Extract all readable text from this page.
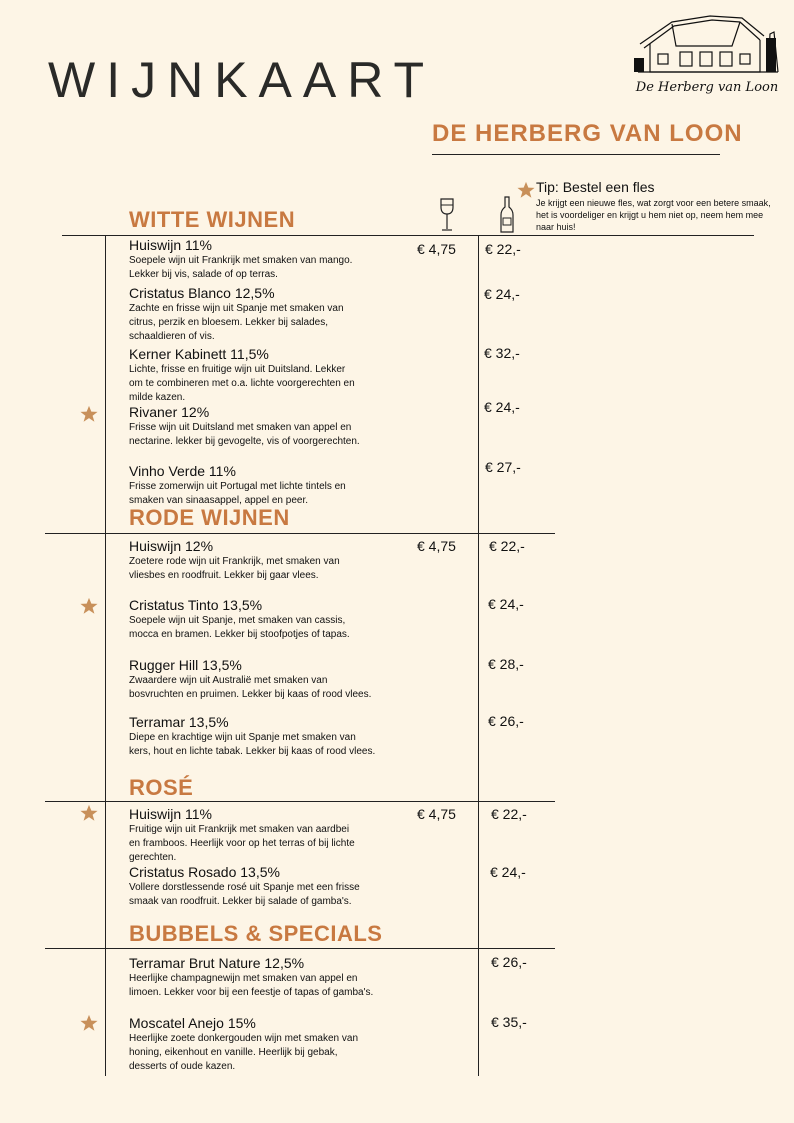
WIJNKAART	De Herberg van Loon
DE HERBERG VAN LOON
Tip: Bestel een fles
Je krijgt een nieuwe fles, wat zorgt voor een betere smaak, het is voordeliger en krijgt u hem niet op, neem hem mee naar huis!
WITTE WIJNEN
RODE WIJNEN
ROSÉ
BUBBELS & SPECIALS
Huiswijn 11%
Soepele wijn uit Frankrijk met smaken van mango. Lekker bij vis, salade of op terras.
€ 4,75 € 22,-
Cristatus Blanco 12,5%
Zachte en frisse wijn uit Spanje met smaken van citrus, perzik en bloesem. Lekker bij salades, schaaldieren of vis.
€ 24,-
Kerner Kabinett 11,5%
Lichte, frisse en fruitige wijn uit Duitsland. Lekker om te combineren met o.a. lichte voorgerechten en milde kazen.
€ 32,-
Rivaner 12%
Frisse wijn uit Duitsland met smaken van appel en nectarine. lekker bij gevogelte, vis of voorgerechten.
€ 24,-
Vinho Verde 11%
Frisse zomerwijn uit Portugal met lichte tintels en smaken van sinaasappel, appel en peer.
€ 27,-
Huiswijn 12%
Zoetere rode wijn uit Frankrijk, met smaken van vliesbes en roodfruit. Lekker bij gaar vlees.
€ 4,75 € 22,-
Cristatus Tinto 13,5%
Soepele wijn uit Spanje, met smaken van cassis, mocca en bramen. Lekker bij stoofpotjes of tapas.
€ 24,-
Rugger Hill 13,5%
Zwaardere wijn uit Australië met smaken van bosvruchten en pruimen. Lekker bij kaas of rood vlees.
€ 28,-
Terramar 13,5%
Diepe en krachtige wijn uit Spanje met smaken van kers, hout en lichte tabak. Lekker bij kaas of rood vlees.
€ 26,-
Huiswijn 11%
Fruitige wijn uit Frankrijk met smaken van aardbei en framboos. Heerlijk voor op het terras of bij lichte gerechten.
€ 4,75	€ 22,-
Cristatus Rosado 13,5%
Vollere dorstlessende rosé uit Spanje met een frisse smaak van roodfruit. Lekker bij salade of gamba's.
€ 24,-
Terramar Brut Nature 12,5%
Heerlijke champagnewijn met smaken van appel en limoen. Lekker voor bij een feestje of tapas of gamba's.
€ 26,-
Moscatel Anejo 15%
Heerlijke zoete donkergouden wijn met smaken van honing, eikenhout en vanille. Heerlijk bij gebak, desserts of oude kazen.
€ 35,-
